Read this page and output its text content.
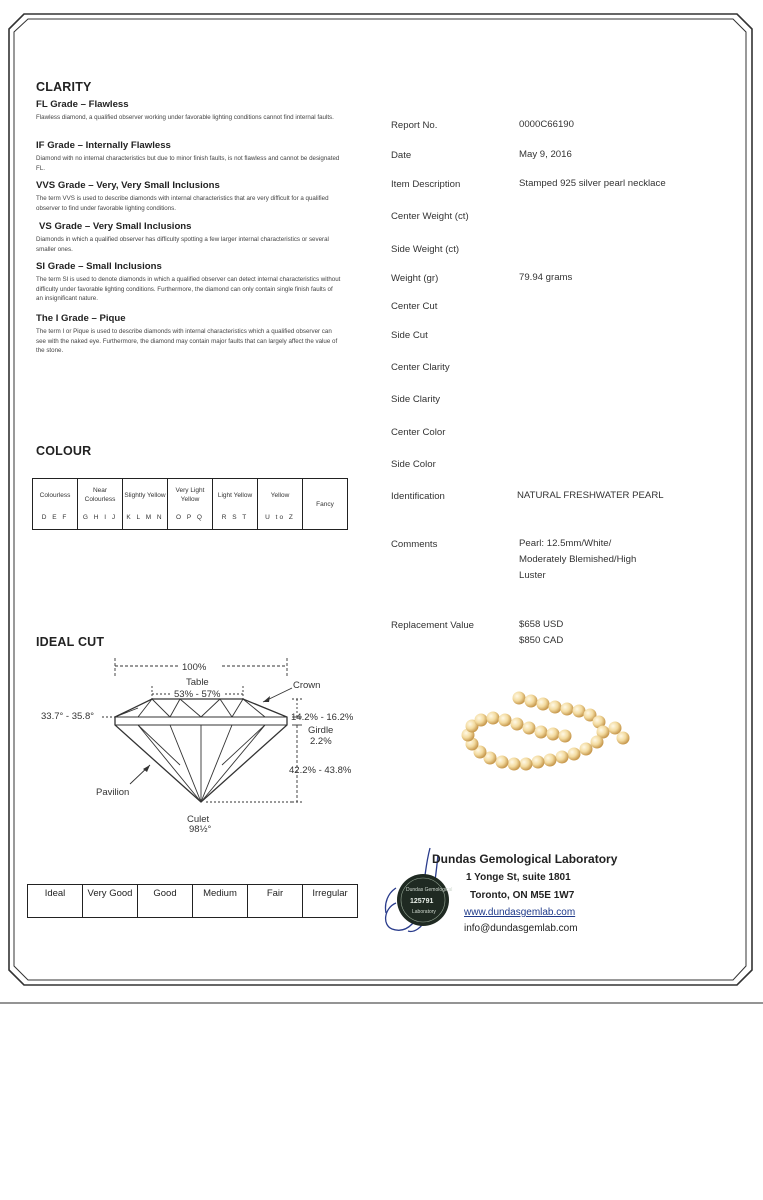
CLARITY
FL Grade – Flawless
Flawless diamond, a qualified observer working under favorable lighting conditions cannot find internal faults.
IF Grade – Internally Flawless
Diamond with no internal characteristics but due to minor finish faults, is not flawless and cannot be designated FL.
VVS Grade – Very, Very Small Inclusions
The term VVS is used to describe diamonds with internal characteristics that are very difficult for a qualified observer to find under favorable lighting conditions.
VS Grade – Very Small Inclusions
Diamonds in which a qualified observer has difficulty spotting a few larger internal characteristics or several smaller ones.
SI Grade – Small Inclusions
The term SI is used to denote diamonds in which a qualified observer can detect internal characteristics without difficulty under favorable lighting conditions. Furthermore, the diamond can only contain single finish faults of an insignificant nature.
The I Grade – Pique
The term I or Pique is used to describe diamonds with internal characteristics which a qualified observer can see with the naked eye. Furthermore, the diamond may contain major faults that can largely affect the value of the stone.
COLOUR
Colourless
D E F

Near Colourless
G H I J

Slightly Yellow
K L M N

Very Light Yellow
O P Q

Light Yellow
R S T

Yellow
U to Z

Fancy
IDEAL CUT
100%
Table
53% - 57%
Crown
33.7° - 35.8°	14.2% - 16.2%
Girdle
2.2%
42.2% - 43.8%
Pavilion
Culet
98½°
Ideal	Very Good	Good	Medium	Fair	Irregular
Report No.	0000C66190
Date	May 9, 2016
Item Description	Stamped 925 silver pearl necklace
Center Weight (ct)
Side Weight (ct)
Weight (gr)	79.94 grams
Center Cut
Side Cut
Center Clarity
Side Clarity
Center Color
Side Color
Identification	NATURAL FRESHWATER PEARL
Comments	Pearl: 12.5mm/White/
Moderately Blemished/High
Luster
Replacement Value	$658 USD
$850 CAD
Dundas Gemological
125791
Laboratory
Dundas Gemological Laboratory
1 Yonge St, suite 1801
Toronto, ON M5E 1W7
www.dundasgemlab.com
info@dundasgemlab.com
